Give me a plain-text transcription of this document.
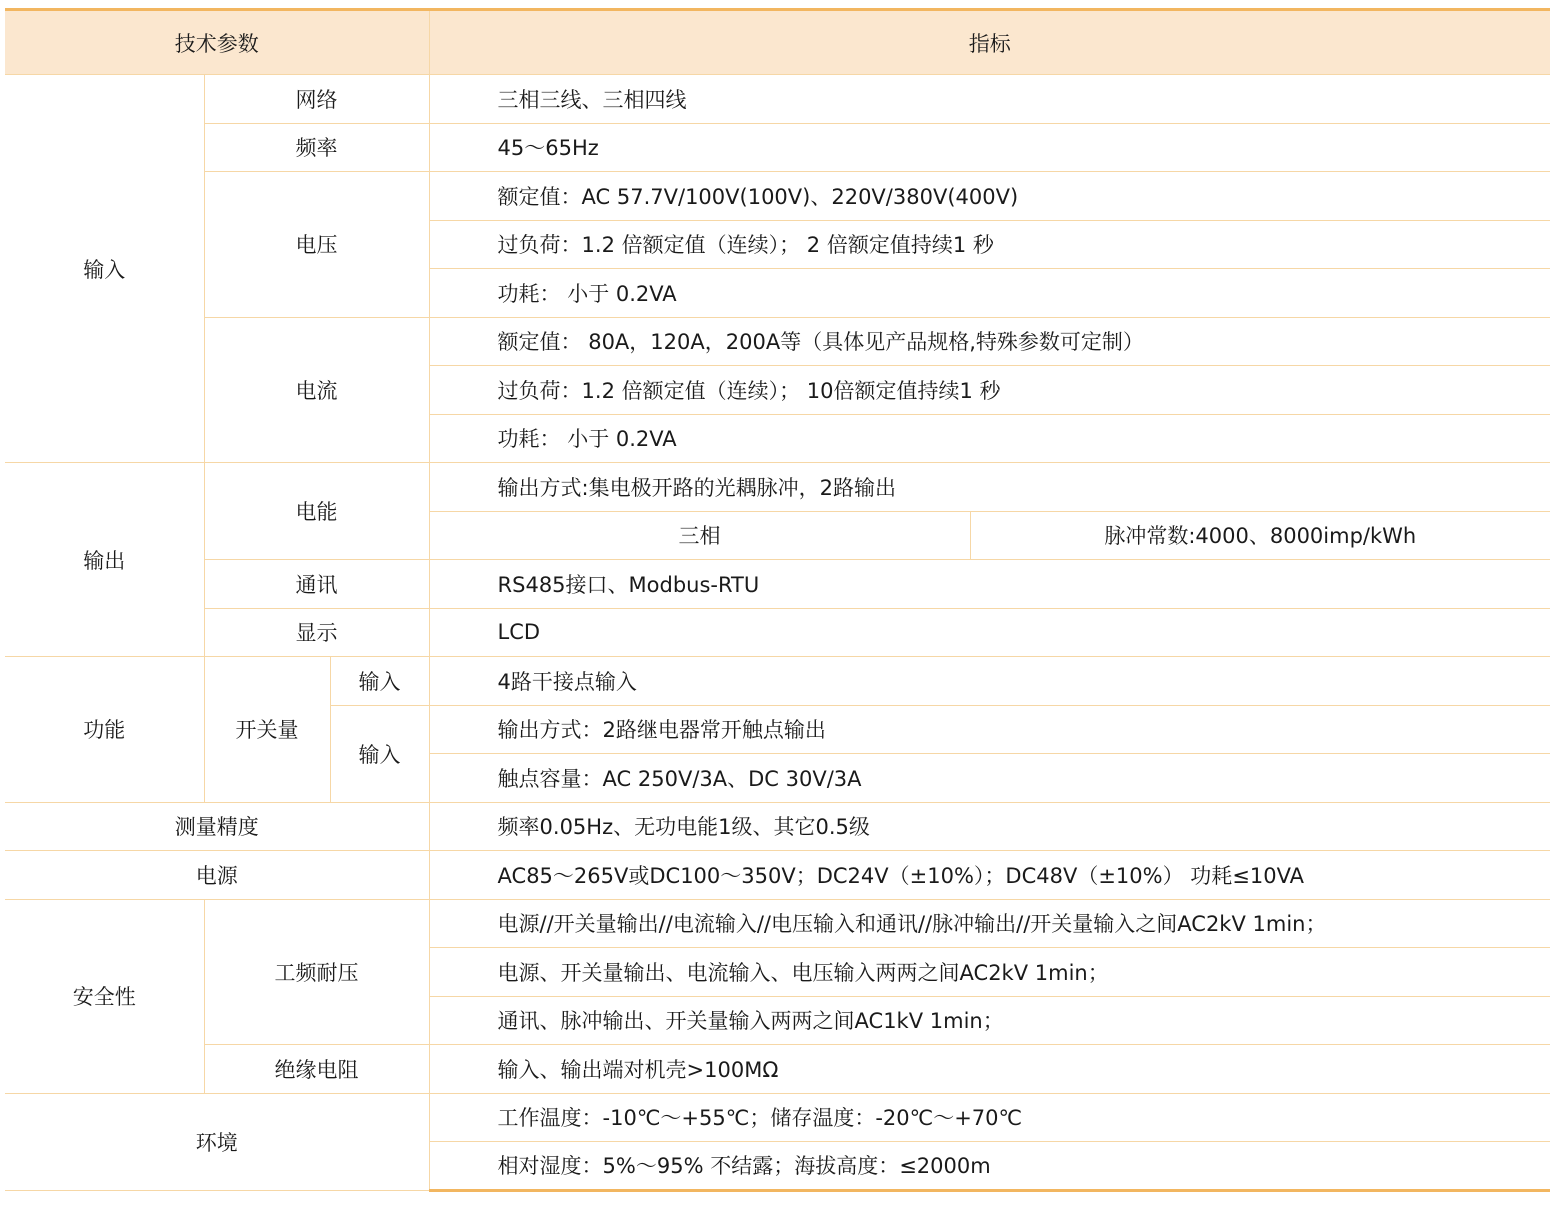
技术参数			指标	
输入	网络		三相三线、三相四线	
	频率		45～65Hz	
	电压		额定值：AC 57.7V/100V(100V)、220V/380V(400V)	
			过负荷：1.2 倍额定值（连续）； 2 倍额定值持续1 秒	
			功耗： 小于 0.2VA	
	电流		额定值： 80A，120A，200A等（具体见产品规格,特殊参数可定制）	
			过负荷：1.2 倍额定值（连续）； 10倍额定值持续1 秒	
			功耗： 小于 0.2VA	
输出	电能		输出方式:集电极开路的光耦脉冲，2路输出	
			三相	脉冲常数:4000、8000imp/kWh
	通讯		RS485接口、Modbus-RTU	
	显示		LCD	
功能	开关量	输入	4路干接点输入	
		输入	输出方式：2路继电器常开触点输出	
			触点容量：AC 250V/3A、DC 30V/3A	
测量精度			频率0.05Hz、无功电能1级、其它0.5级	
电源			AC85～265V或DC100～350V；DC24V（±10%）；DC48V（±10%） 功耗≤10VA	
安全性	工频耐压		电源//开关量输出//电流输入//电压输入和通讯//脉冲输出//开关量输入之间AC2kV 1min；	
			电源、开关量输出、电流输入、电压输入两两之间AC2kV 1min；	
			通讯、脉冲输出、开关量输入两两之间AC1kV 1min；	
	绝缘电阻		输入、输出端对机壳>100MΩ	
环境			工作温度：-10℃～+55℃；储存温度：-20℃～+70℃	
			相对湿度：5%～95% 不结露；海拔高度：≤2000m	
